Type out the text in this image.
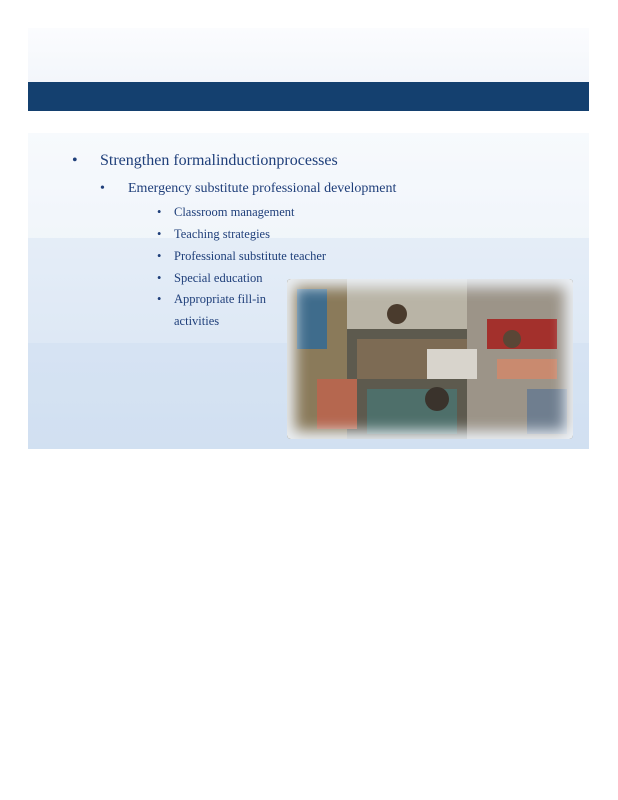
• Strengthen formalinductionprocesses
• Emergency substitute professional development
• Classroom management
• Teaching strategies
• Professional substitute teacher
• Special education
• Appropriate fill-in
activities
